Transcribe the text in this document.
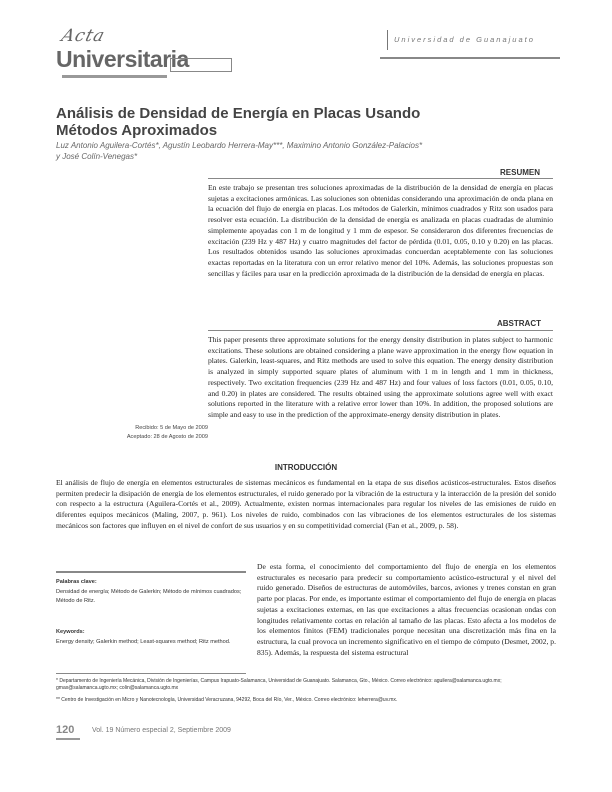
Acta
Universitaria
Universidad de Guanajuato
Análisis de Densidad de Energía en Placas Usando
Métodos Aproximados
Luz Antonio Aguilera-Cortés*, Agustín Leobardo Herrera-May***, Maximino Antonio González-Palacios*
y José Colín-Venegas*
RESUMEN
En este trabajo se presentan tres soluciones aproximadas de la distribución de la densidad de energía en placas sujetas a excitaciones armónicas. Las soluciones son obtenidas considerando una aproximación de onda plana en la ecuación del flujo de energía en placas. Los métodos de Galerkin, mínimos cuadrados y Ritz son usados para resolver esta ecuación. La distribución de la densidad de energía es analizada en placas cuadradas de aluminio simplemente apoyadas con 1 m de longitud y 1 mm de espesor. Se consideraron dos diferentes frecuencias de excitación (239 Hz y 487 Hz) y cuatro magnitudes del factor de pérdida (0.01, 0.05, 0.10 y 0.20) en las placas. Los resultados obtenidos usando las soluciones aproximadas concuerdan aceptablemente con las soluciones exactas reportadas en la literatura con un error relativo menor del 10%. Además, las soluciones propuestas son sencillas y fáciles para usar en la predicción aproximada de la distribución de la densidad de energía en placas.
ABSTRACT
This paper presents three approximate solutions for the energy density distribution in plates subject to harmonic excitations. These solutions are obtained considering a plane wave approximation in the energy flow equation in plates. Galerkin, least-squares, and Ritz methods are used to solve this equation. The energy density distribution is analyzed in simply supported square plates of aluminum with 1 m in length and 1 mm in thickness, respectively. Two excitation frequencies (239 Hz and 487 Hz) and four values of loss factors (0.01, 0.05, 0.10, and 0.20) in plates are considered. The results obtained using the approximate solutions agree well with exact solutions reported in the literature with a relative error lower than 10%. In addition, the proposed solutions are simple and easy to use in the prediction of the approximate-energy density distribution in plates.
Recibido: 5 de Mayo de 2009
Aceptado: 28 de Agosto de 2009
INTRODUCCIÓN
El análisis de flujo de energía en elementos estructurales de sistemas mecánicos es fundamental en la etapa de sus diseños acústicos-estructurales. Estos diseños permiten predecir la disipación de energía de los elementos estructurales, el ruido generado por la vibración de la estructura y la interacción de la presión del sonido con respecto a la estructura (Aguilera-Cortés et al., 2009). Actualmente, existen normas internacionales para regular los niveles de las emisiones de ruido en diferentes equipos mecánicos (Maling, 2007, p. 961). Los niveles de ruido, combinados con las vibraciones de los elementos estructurales de los sistemas mecánicos son factores que influyen en el nivel de confort de sus usuarios y en su competitividad comercial (Fan et al., 2009, p. 58).
De esta forma, el conocimiento del comportamiento del flujo de energía en los elementos estructurales es necesario para predecir su comportamiento acústico-estructural y el nivel del ruido generado. Diseños de estructuras de automóviles, barcos, aviones y trenes constan en gran parte por placas. Por ende, es importante estimar el comportamiento del flujo de energía en placas sujetas a excitaciones externas, en las que excitaciones a altas frecuencias ocasionan ondas con longitudes relativamente cortas en relación al tamaño de las placas. Esto afecta a los modelos de los elementos finitos (FEM) tradicionales porque necesitan una discretización más fina en la estructura, la cual provoca un incremento significativo en el tiempo de cómputo (Desmet, 2002, p. 835). Además, la respuesta del sistema estructural
Palabras clave:
Densidad de energía; Método de Galerkin; Método de mínimos cuadrados; Método de Ritz.
Keywords:
Energy density; Galerkin method; Least-squares method; Ritz method.
* Departamento de Ingeniería Mecánica, División de Ingenierías, Campus Irapuato-Salamanca, Universidad de Guanajuato. Salamanca, Gto., México. Correo electrónico: aguilera@salamanca.ugto.mx; gmax@salamanca.ugto.mx; colin@salamanca.ugto.mx
** Centro de Investigación en Micro y Nanotecnología, Universidad Veracruzana, 94292, Boca del Río, Ver., México. Correo electrónico: leherrera@uv.mx.
120	Vol. 19 Número especial 2, Septiembre 2009
